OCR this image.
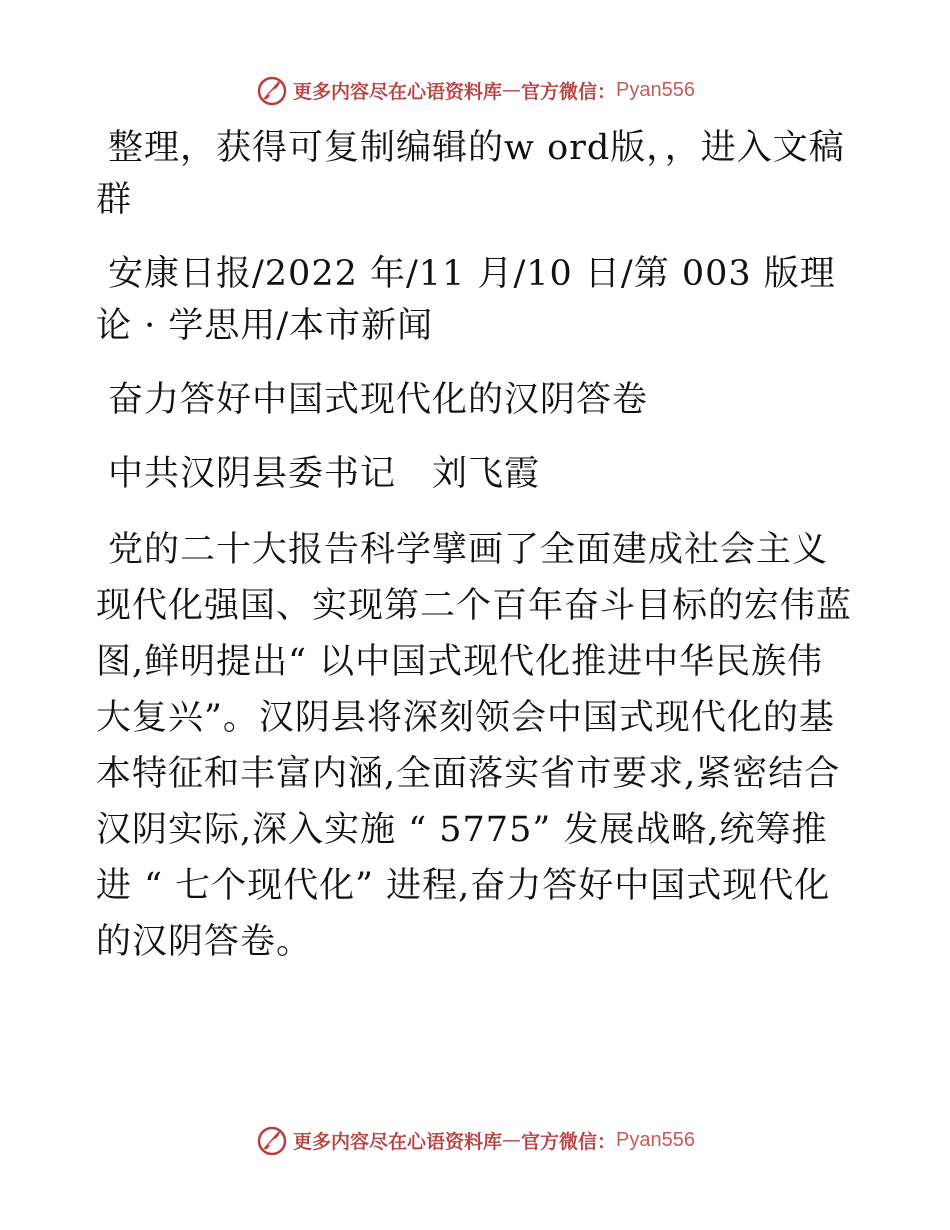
更多内容尽在心语资料库 — 官方微信： Pyan556

整理，获得可复制编辑的w ord版，，进入文稿群

安康日报/2022 年/11 月/10 日/第 003 版理论 · 学思用/本市新闻

奋力答好中国式现代化的汉阴答卷

中共汉阴县委书记　刘飞霞

党的二十大报告科学擘画了全面建成社会主义现代化强国、实现第二个百年奋斗目标的宏伟蓝图,鲜明提出“ 以中国式现代化推进中华民族伟大复兴”。汉阴县将深刻领会中国式现代化的基本特征和丰富内涵,全面落实省市要求,紧密结合汉阴实际,深入实施 “ 5775” 发展战略,统筹推进 “ 七个现代化” 进程,奋力答好中国式现代化的汉阴答卷。

更多内容尽在心语资料库 — 官方微信： Pyan556
